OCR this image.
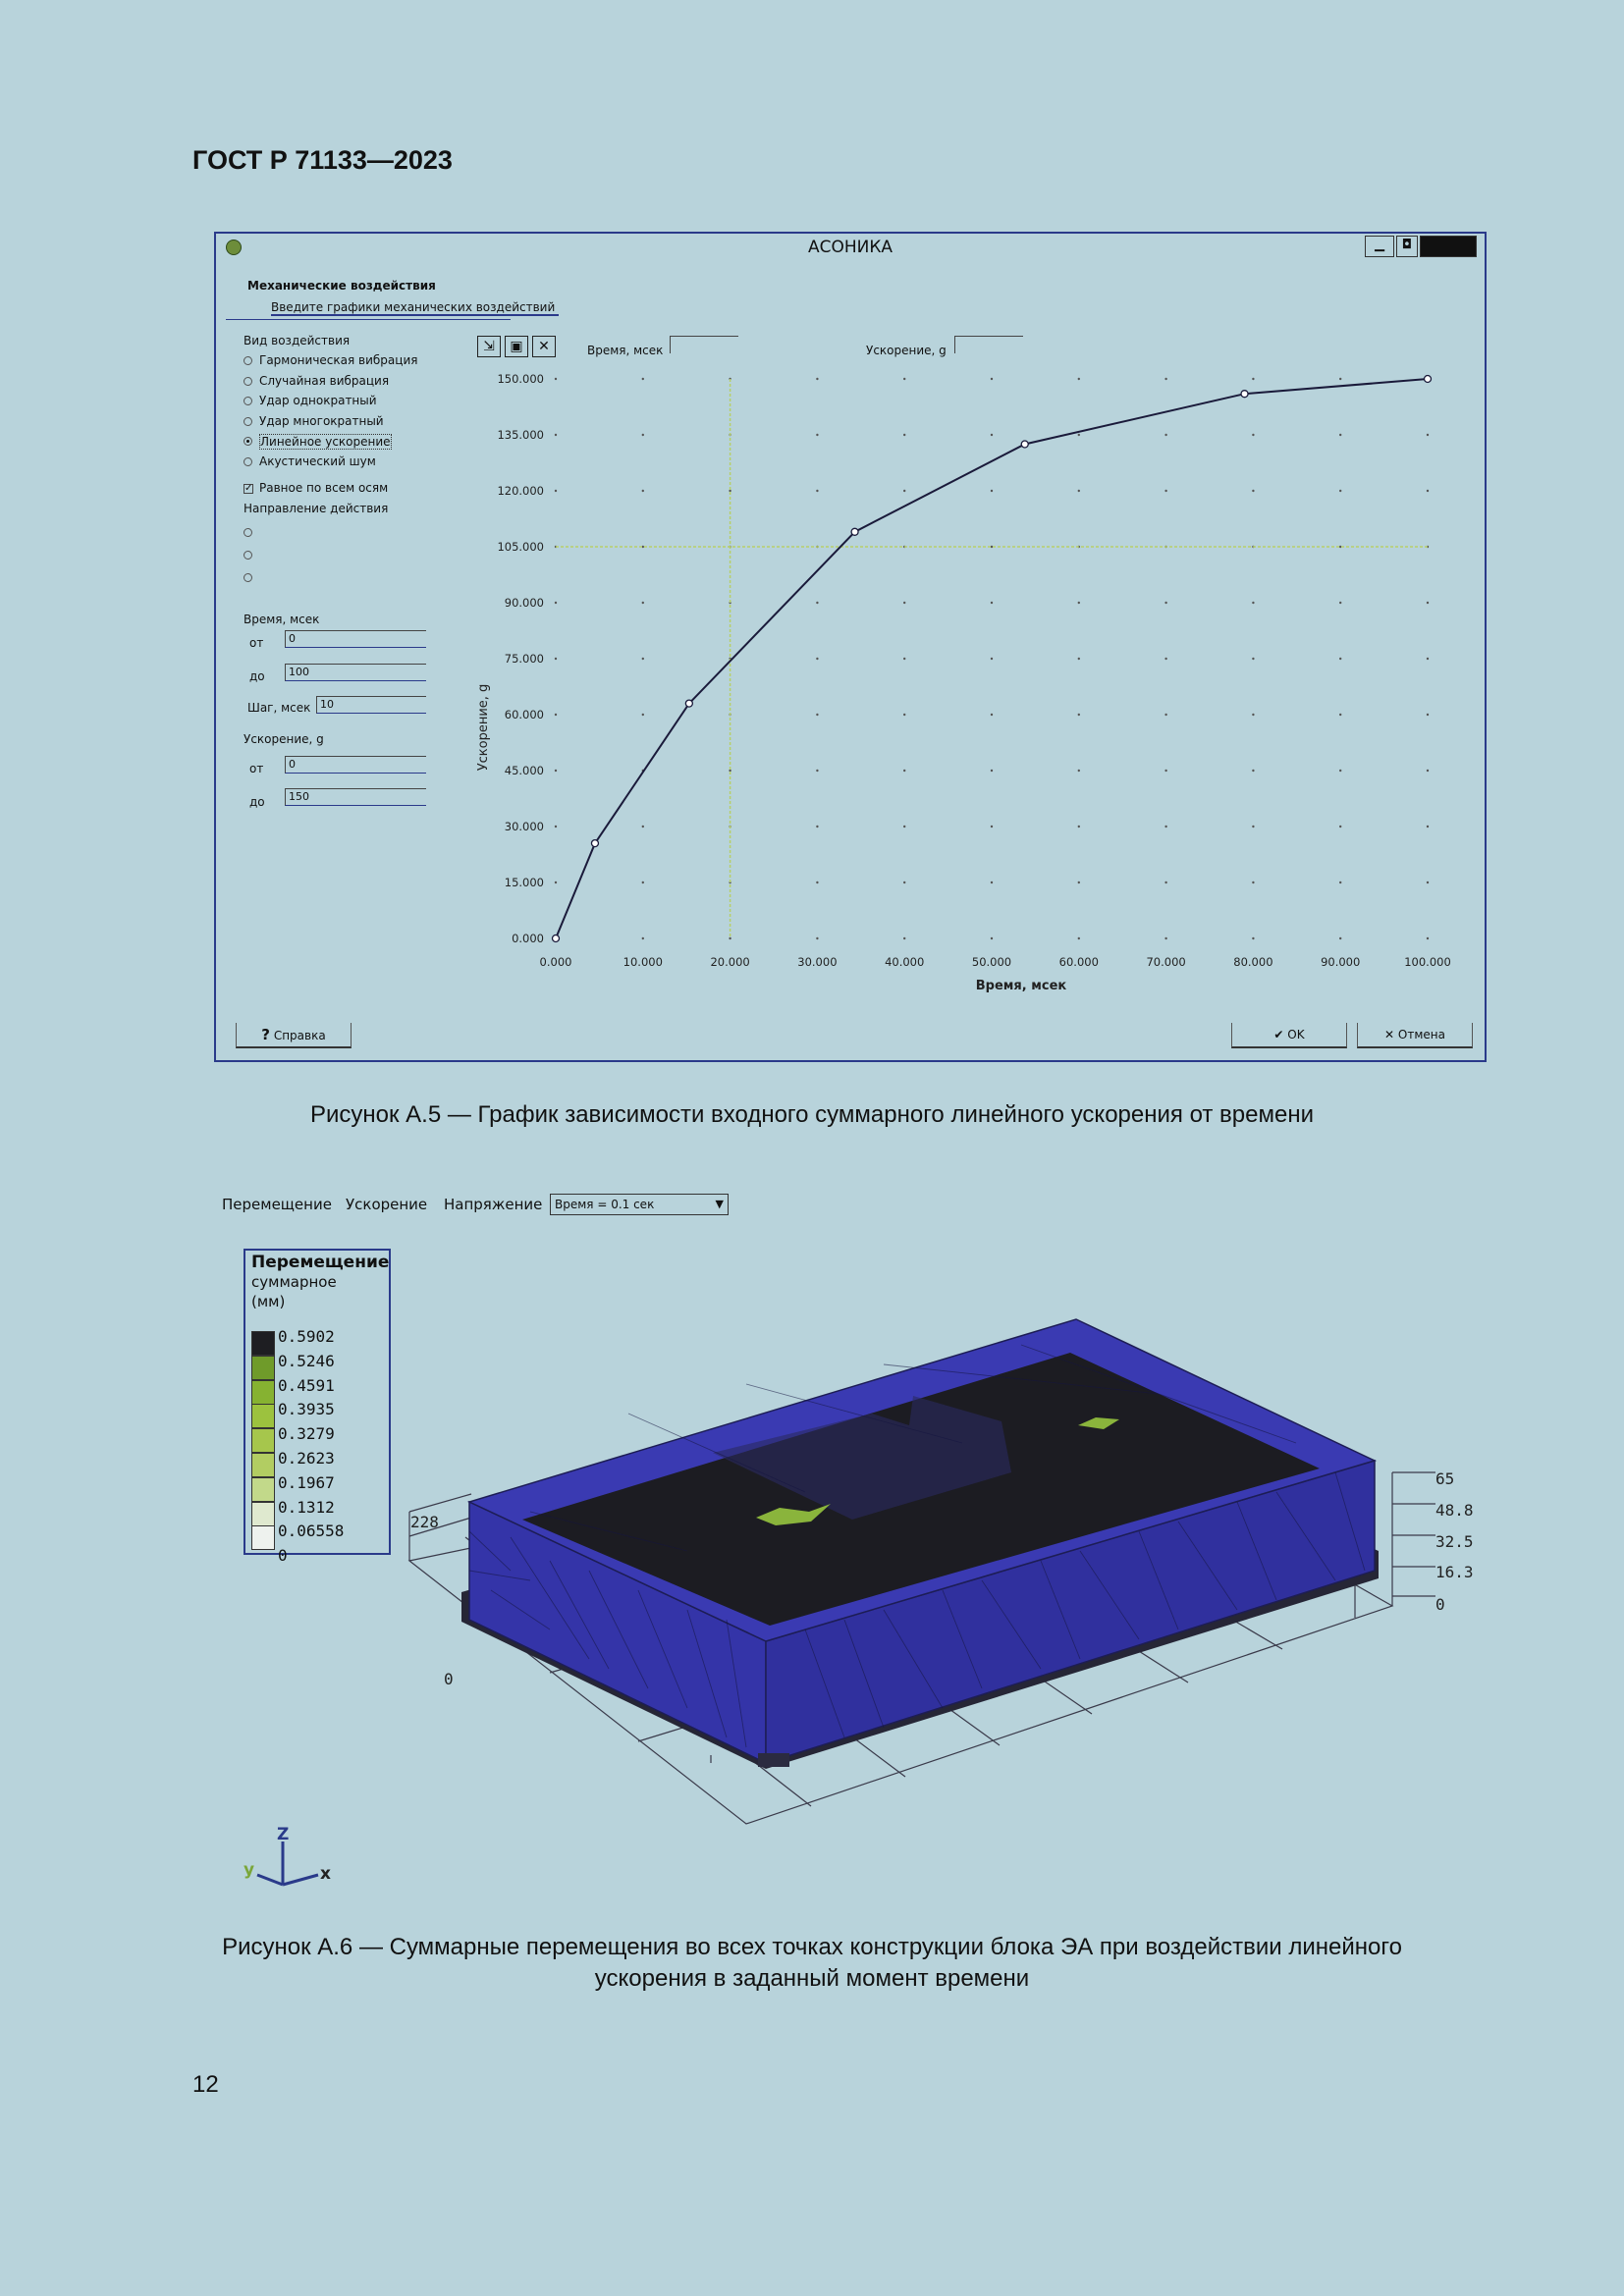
ГОСТ Р 71133—2023
АСОНИКА	▁	◘
Механические воздействия
Введите графики механических воздействий
Вид воздействия
Гармоническая вибрация
Случайная вибрация
Удар однократный
Удар многократный
Линейное ускорение
Акустический шум
✓ Равное по всем осям
Направление действия
Время, мсек
от	0
до	100
Шаг, мсек 10
Ускорение, g
от	0
до	150
⇲	▣	✕	Время, мсек	Ускорение, g
0.000
15.000
30.000
45.000
60.000
75.000
90.000
105.000
120.000
135.000
150.000
0.000	10.000	20.000	30.000	40.000	50.000	60.000	70.000	80.000	90.000	100.000
Время, мсек
Ускорение, g
? Справка	✔ OK	✕ Отмена
Рисунок А.5 — График зависимости входного суммарного линейного ускорения от времени
Перемещение Ускорение Напряжение	Время = 0.1 сек	▼
Перемещение
суммарное
(мм)
0.5902
0.5246
0.4591
0.3935
0.3279
0.2623
0.1967
0.1312
0.06558
0
65
48.8
32.5
16.3
0
228
0
Z
y	x
Рисунок А.6 — Суммарные перемещения во всех точках конструкции блока ЭА при воздействии линейного
ускорения в заданный момент времени
12
